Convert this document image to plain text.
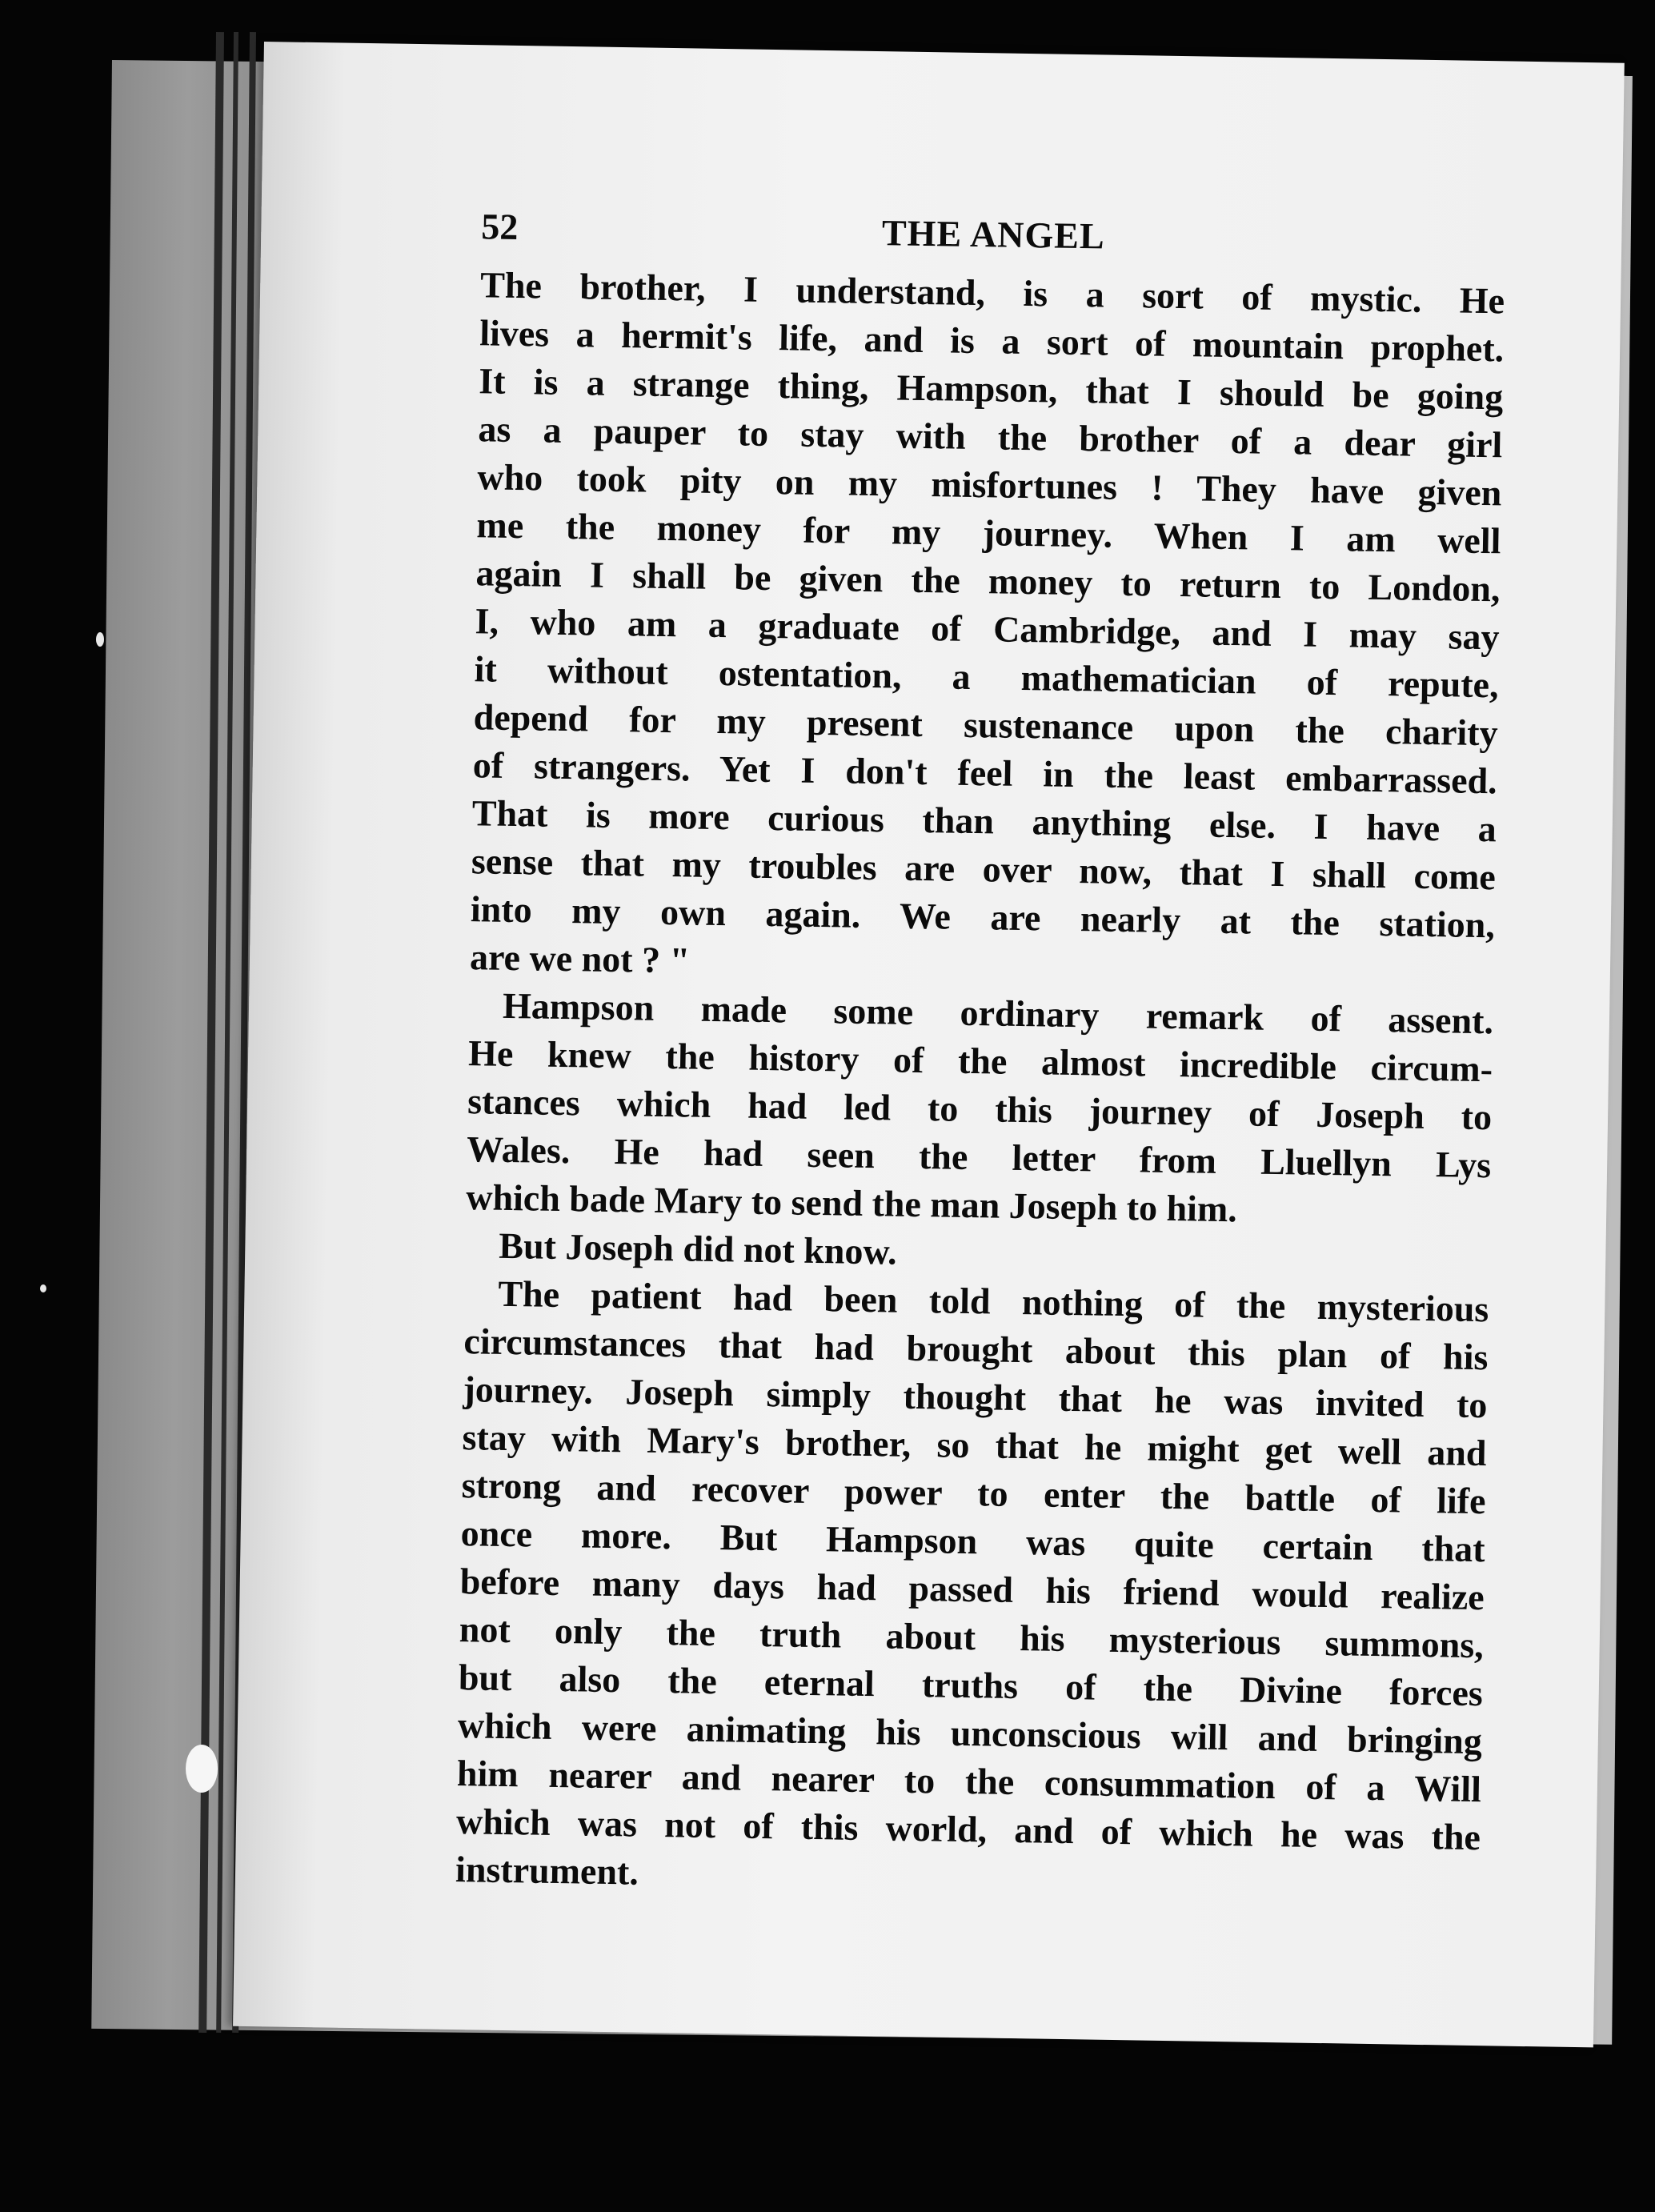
52	THE ANGEL
The brother, I understand, is a sort of mystic. He
lives a hermit's life, and is a sort of mountain prophet.
It is a strange thing, Hampson, that I should be going
as a pauper to stay with the brother of a dear girl
who took pity on my misfortunes ! They have given
me the money for my journey. When I am well
again I shall be given the money to return to London,
I, who am a graduate of Cambridge, and I may say
it without ostentation, a mathematician of repute,
depend for my present sustenance upon the charity
of strangers. Yet I don't feel in the least embarrassed.
That is more curious than anything else. I have a
sense that my troubles are over now, that I shall come
into my own again. We are nearly at the station,
are we not ? "
Hampson made some ordinary remark of assent.
He knew the history of the almost incredible circum-
stances which had led to this journey of Joseph to
Wales. He had seen the letter from Lluellyn Lys
which bade Mary to send the man Joseph to him.
But Joseph did not know.
The patient had been told nothing of the mysterious
circumstances that had brought about this plan of his
journey. Joseph simply thought that he was invited to
stay with Mary's brother, so that he might get well and
strong and recover power to enter the battle of life
once more. But Hampson was quite certain that
before many days had passed his friend would realize
not only the truth about his mysterious summons,
but also the eternal truths of the Divine forces
which were animating his unconscious will and bringing
him nearer and nearer to the consummation of a Will
which was not of this world, and of which he was the
instrument.
